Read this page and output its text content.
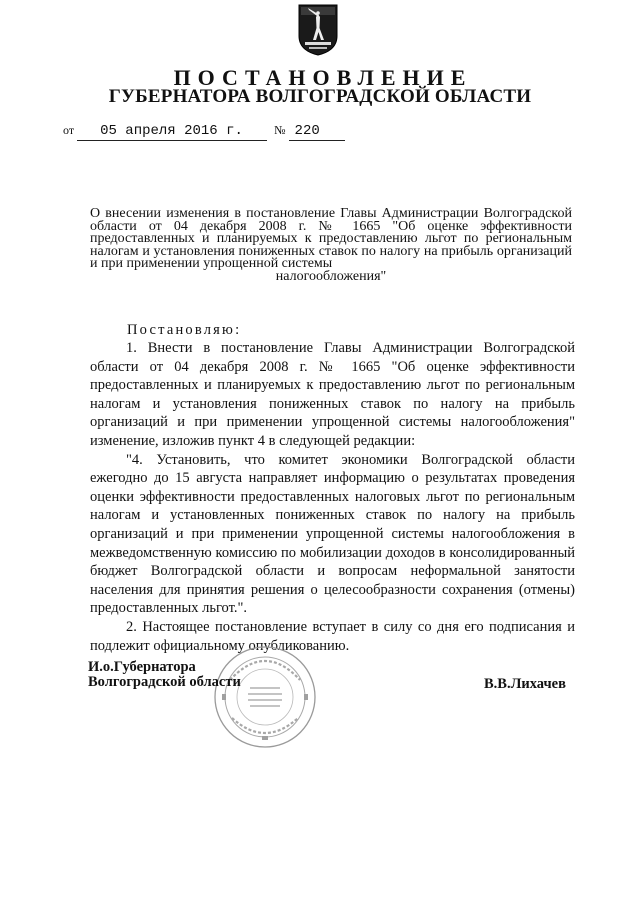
ПОСТАНОВЛЕНИЕ
ГУБЕРНАТОРА ВОЛГОГРАДСКОЙ ОБЛАСТИ
от 05 апреля 2016 г.	№ 220
О внесении изменения в постановление Главы Администрации Волгоградской области от 04 декабря 2008 г. № 1665 "Об оценке эффективности предоставленных и планируемых к предоставлению льгот по региональным налогам и установления пониженных ставок по налогу на прибыль организаций и при применении упрощенной системы
налогообложения"
Постановляю:

1. Внести в постановление Главы Администрации Волгоградской области от 04 декабря 2008 г. № 1665 "Об оценке эффективности предоставленных и планируемых к предоставлению льгот по региональным налогам и установления пониженных ставок по налогу на прибыль организаций и при применении упрощенной системы налогообложения" изменение, изложив пункт 4 в следующей редакции:

"4. Установить, что комитет экономики Волгоградской области ежегодно до 15 августа направляет информацию о результатах проведения оценки эффективности предоставленных налоговых льгот по региональным налогам и установленных пониженных ставок по налогу на прибыль организаций и при применении упрощенной системы налогообложения в межведомственную комиссию по мобилизации доходов в консолидированный бюджет Волгоградской области и вопросам неформальной занятости населения для принятия решения о целесообразности сохранения (отмены) предоставленных льгот.".

2. Настоящее постановление вступает в силу со дня его подписания и подлежит официальному опубликованию.

И.о.Губернатора
Волгоградской области	В.В.Лихачев
